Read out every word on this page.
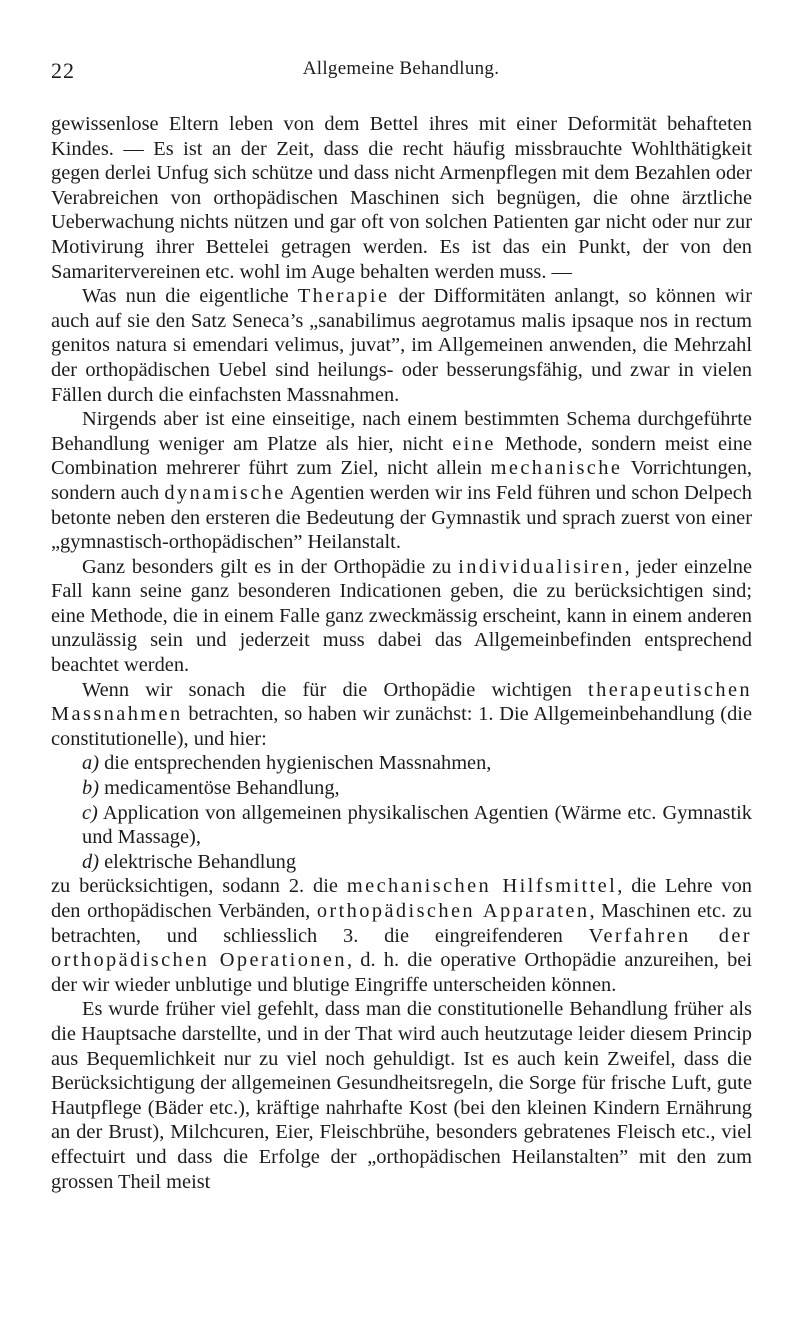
22	Allgemeine Behandlung.

gewissenlose Eltern leben von dem Bettel ihres mit einer Deformität behafteten Kindes. — Es ist an der Zeit, dass die recht häufig missbrauchte Wohlthätigkeit gegen derlei Unfug sich schütze und dass nicht Armenpflegen mit dem Bezahlen oder Verabreichen von orthopädischen Maschinen sich begnügen, die ohne ärztliche Ueberwachung nichts nützen und gar oft von solchen Patienten gar nicht oder nur zur Motivirung ihrer Bettelei getragen werden. Es ist das ein Punkt, der von den Samaritervereinen etc. wohl im Auge behalten werden muss. —

Was nun die eigentliche Therapie der Difformitäten anlangt, so können wir auch auf sie den Satz Seneca’s „sanabilimus aegrotamus malis ipsaque nos in rectum genitos natura si emendari velimus, juvat”, im Allgemeinen anwenden, die Mehrzahl der orthopädischen Uebel sind heilungs- oder besserungsfähig, und zwar in vielen Fällen durch die einfachsten Massnahmen.

Nirgends aber ist eine einseitige, nach einem bestimmten Schema durchgeführte Behandlung weniger am Platze als hier, nicht eine Methode, sondern meist eine Combination mehrerer führt zum Ziel, nicht allein mechanische Vorrichtungen, sondern auch dynamische Agentien werden wir ins Feld führen und schon Delpech betonte neben den ersteren die Bedeutung der Gymnastik und sprach zuerst von einer „gymnastisch-orthopädischen” Heilanstalt.

Ganz besonders gilt es in der Orthopädie zu individualisiren, jeder einzelne Fall kann seine ganz besonderen Indicationen geben, die zu berücksichtigen sind; eine Methode, die in einem Falle ganz zweckmässig erscheint, kann in einem anderen unzulässig sein und jederzeit muss dabei das Allgemeinbefinden entsprechend beachtet werden.

Wenn wir sonach die für die Orthopädie wichtigen therapeutischen Massnahmen betrachten, so haben wir zunächst: 1. Die Allgemeinbehandlung (die constitutionelle), und hier:

a) die entsprechenden hygienischen Massnahmen,

b) medicamentöse Behandlung,

c) Application von allgemeinen physikalischen Agentien (Wärme etc. Gymnastik und Massage),

d) elektrische Behandlung

zu berücksichtigen, sodann 2. die mechanischen Hilfsmittel, die Lehre von den orthopädischen Verbänden, orthopädischen Apparaten, Maschinen etc. zu betrachten, und schliesslich 3. die eingreifenderen Verfahren der orthopädischen Operationen, d. h. die operative Orthopädie anzureihen, bei der wir wieder unblutige und blutige Eingriffe unterscheiden können.

Es wurde früher viel gefehlt, dass man die constitutionelle Behandlung früher als die Hauptsache darstellte, und in der That wird auch heutzutage leider diesem Princip aus Bequemlichkeit nur zu viel noch gehuldigt. Ist es auch kein Zweifel, dass die Berücksichtigung der allgemeinen Gesundheitsregeln, die Sorge für frische Luft, gute Hautpflege (Bäder etc.), kräftige nahrhafte Kost (bei den kleinen Kindern Ernährung an der Brust), Milchcuren, Eier, Fleischbrühe, besonders gebratenes Fleisch etc., viel effectuirt und dass die Erfolge der „orthopädischen Heilanstalten” mit den zum grossen Theil meist
